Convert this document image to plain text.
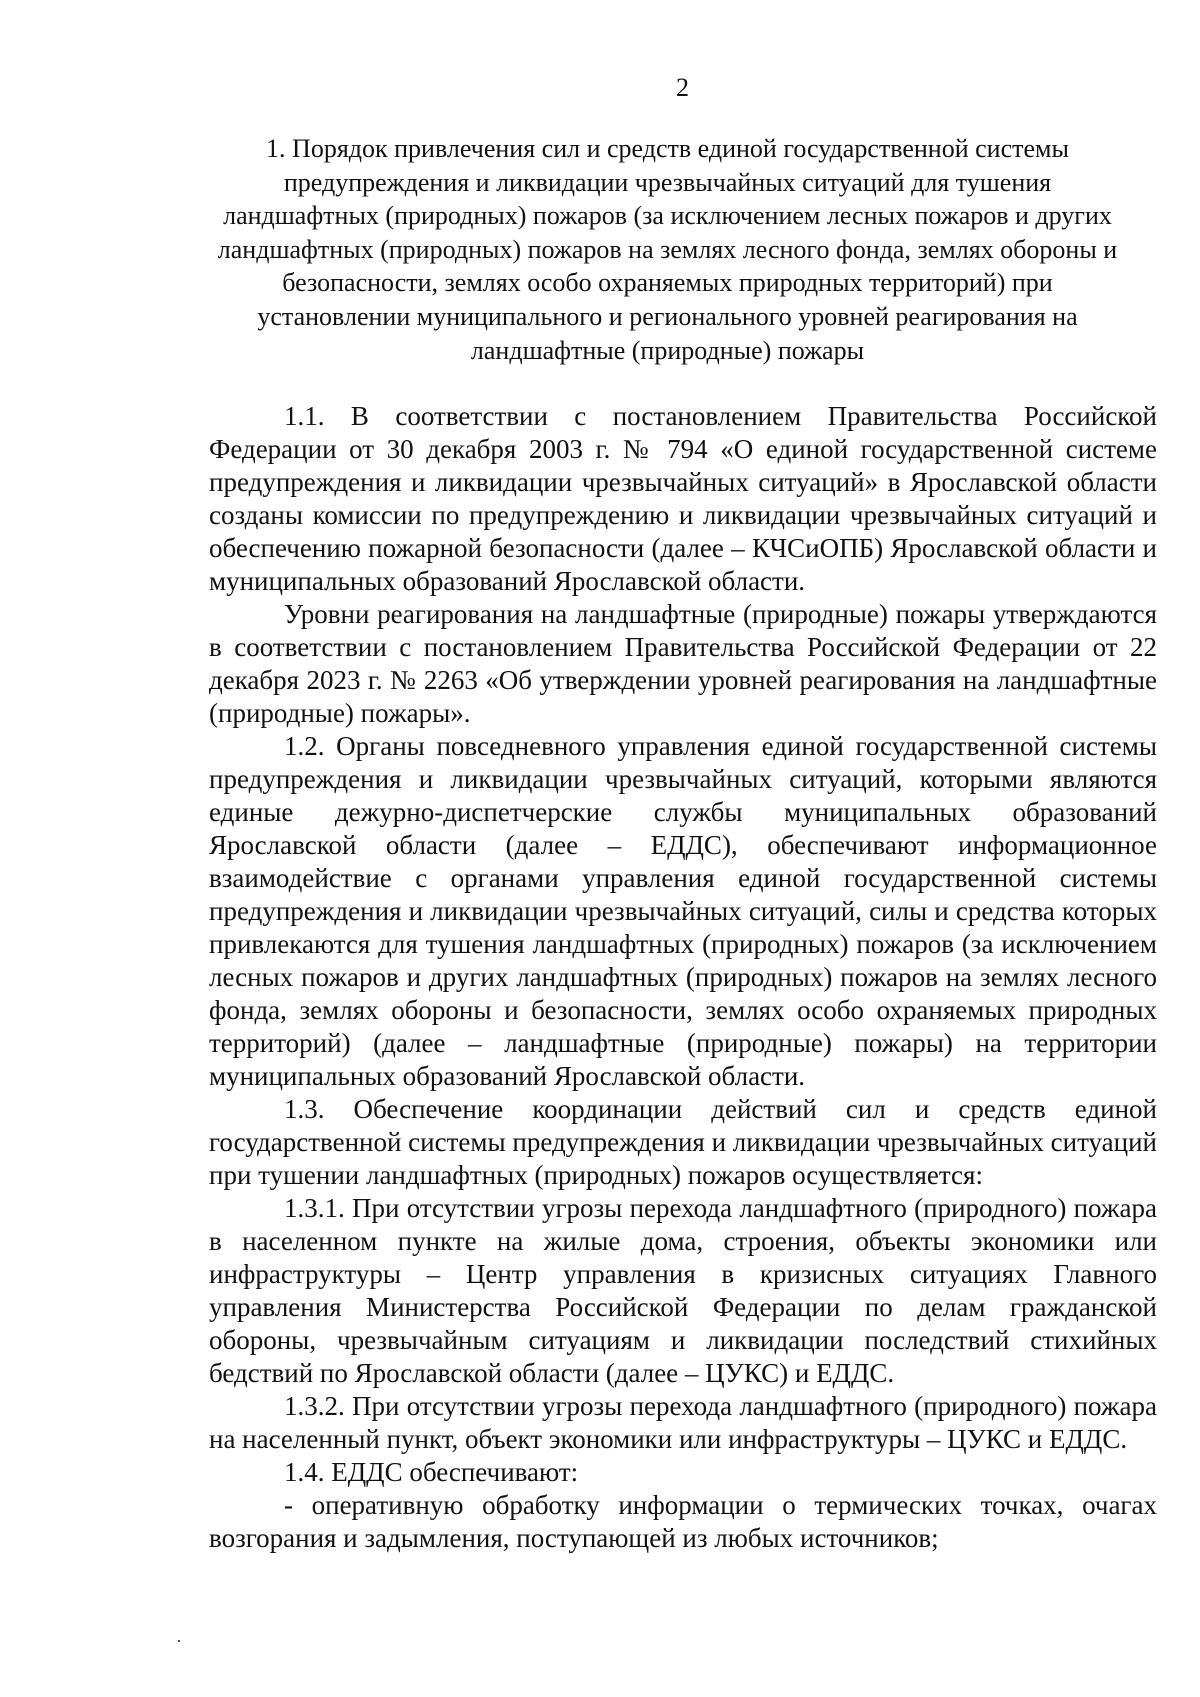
2
1. Порядок привлечения сил и средств единой государственной системы предупреждения и ликвидации чрезвычайных ситуаций для тушения ландшафтных (природных) пожаров (за исключением лесных пожаров и других ландшафтных (природных) пожаров на землях лесного фонда, землях обороны и безопасности, землях особо охраняемых природных территорий) при установлении муниципального и регионального уровней реагирования на ландшафтные (природные) пожары

1.1. В соответствии с постановлением Правительства Российской Федерации от 30 декабря 2003 г. № 794 «О единой государственной системе предупреждения и ликвидации чрезвычайных ситуаций» в Ярославской области созданы комиссии по предупреждению и ликвидации чрезвычайных ситуаций и обеспечению пожарной безопасности (далее – КЧСиОПБ) Ярославской области и муниципальных образований Ярославской области.

Уровни реагирования на ландшафтные (природные) пожары утверждаются в соответствии с постановлением Правительства Российской Федерации от 22 декабря 2023 г. № 2263 «Об утверждении уровней реагирования на ландшафтные (природные) пожары».

1.2. Органы повседневного управления единой государственной системы предупреждения и ликвидации чрезвычайных ситуаций, которыми являются единые дежурно-диспетчерские службы муниципальных образований Ярославской области (далее – ЕДДС), обеспечивают информационное взаимодействие с органами управления единой государственной системы предупреждения и ликвидации чрезвычайных ситуаций, силы и средства которых привлекаются для тушения ландшафтных (природных) пожаров (за исключением лесных пожаров и других ландшафтных (природных) пожаров на землях лесного фонда, землях обороны и безопасности, землях особо охраняемых природных территорий) (далее – ландшафтные (природные) пожары) на территории муниципальных образований Ярославской области.

1.3. Обеспечение координации действий сил и средств единой государственной системы предупреждения и ликвидации чрезвычайных ситуаций при тушении ландшафтных (природных) пожаров осуществляется:

1.3.1. При отсутствии угрозы перехода ландшафтного (природного) пожара в населенном пункте на жилые дома, строения, объекты экономики или инфраструктуры – Центр управления в кризисных ситуациях Главного управления Министерства Российской Федерации по делам гражданской обороны, чрезвычайным ситуациям и ликвидации последствий стихийных бедствий по Ярославской области (далее – ЦУКС) и ЕДДС.

1.3.2. При отсутствии угрозы перехода ландшафтного (природного) пожара на населенный пункт, объект экономики или инфраструктуры – ЦУКС и ЕДДС.

1.4. ЕДДС обеспечивают:

- оперативную обработку информации о термических точках, очагах возгорания и задымления, поступающей из любых источников;
